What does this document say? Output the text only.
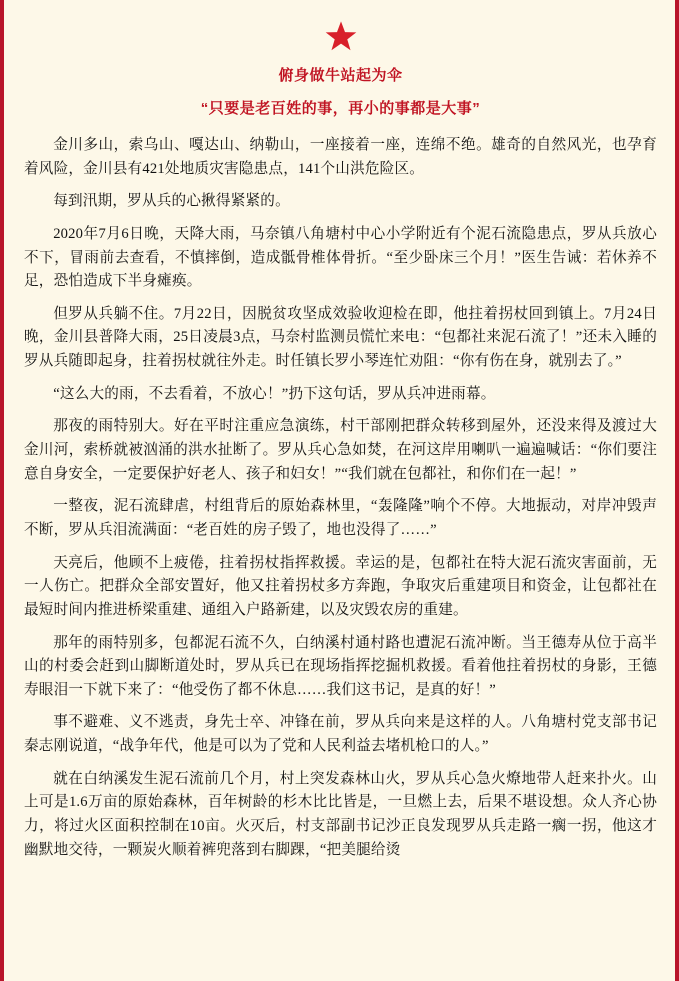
俯身做牛站起为伞
“只要是老百姓的事，再小的事都是大事”

金川多山，索乌山、嘎达山、纳勒山，一座接着一座，连绵不绝。雄奇的自然风光，也孕育着风险，金川县有421处地质灾害隐患点，141个山洪危险区。

每到汛期，罗从兵的心揪得紧紧的。

2020年7月6日晚，天降大雨，马奈镇八角塘村中心小学附近有个泥石流隐患点，罗从兵放心不下，冒雨前去查看，不慎摔倒，造成骶骨椎体骨折。“至少卧床三个月！”医生告诫：若休养不足，恐怕造成下半身瘫痪。

但罗从兵躺不住。7月22日，因脱贫攻坚成效验收迎检在即，他拄着拐杖回到镇上。7月24日晚，金川县普降大雨，25日凌晨3点，马奈村监测员慌忙来电：“包都社来泥石流了！”还未入睡的罗从兵随即起身，拄着拐杖就往外走。时任镇长罗小琴连忙劝阻：“你有伤在身，就别去了。”

“这么大的雨，不去看着，不放心！”扔下这句话，罗从兵冲进雨幕。

那夜的雨特别大。好在平时注重应急演练，村干部刚把群众转移到屋外，还没来得及渡过大金川河，索桥就被汹涌的洪水扯断了。罗从兵心急如焚，在河这岸用喇叭一遍遍喊话：“你们要注意自身安全，一定要保护好老人、孩子和妇女！”“我们就在包都社，和你们在一起！”

一整夜，泥石流肆虐，村组背后的原始森林里，“轰隆隆”响个不停。大地振动，对岸冲毁声不断，罗从兵泪流满面：“老百姓的房子毁了，地也没得了……”

天亮后，他顾不上疲倦，拄着拐杖指挥救援。幸运的是，包都社在特大泥石流灾害面前，无一人伤亡。把群众全部安置好，他又拄着拐杖多方奔跑，争取灾后重建项目和资金，让包都社在最短时间内推进桥梁重建、通组入户路新建，以及灾毁农房的重建。

那年的雨特别多，包都泥石流不久，白纳溪村通村路也遭泥石流冲断。当王德寿从位于高半山的村委会赶到山脚断道处时，罗从兵已在现场指挥挖掘机救援。看着他拄着拐杖的身影，王德寿眼泪一下就下来了：“他受伤了都不休息……我们这书记，是真的好！”

事不避难、义不逃责，身先士卒、冲锋在前，罗从兵向来是这样的人。八角塘村党支部书记秦志刚说道，“战争年代，他是可以为了党和人民利益去堵机枪口的人。”

就在白纳溪发生泥石流前几个月，村上突发森林山火，罗从兵心急火燎地带人赶来扑火。山上可是1.6万亩的原始森林，百年树龄的杉木比比皆是，一旦燃上去，后果不堪设想。众人齐心协力，将过火区面积控制在10亩。火灭后，村支部副书记沙正良发现罗从兵走路一瘸一拐，他这才幽默地交待，一颗炭火顺着裤兜落到右脚踝，“把美腿给烫
